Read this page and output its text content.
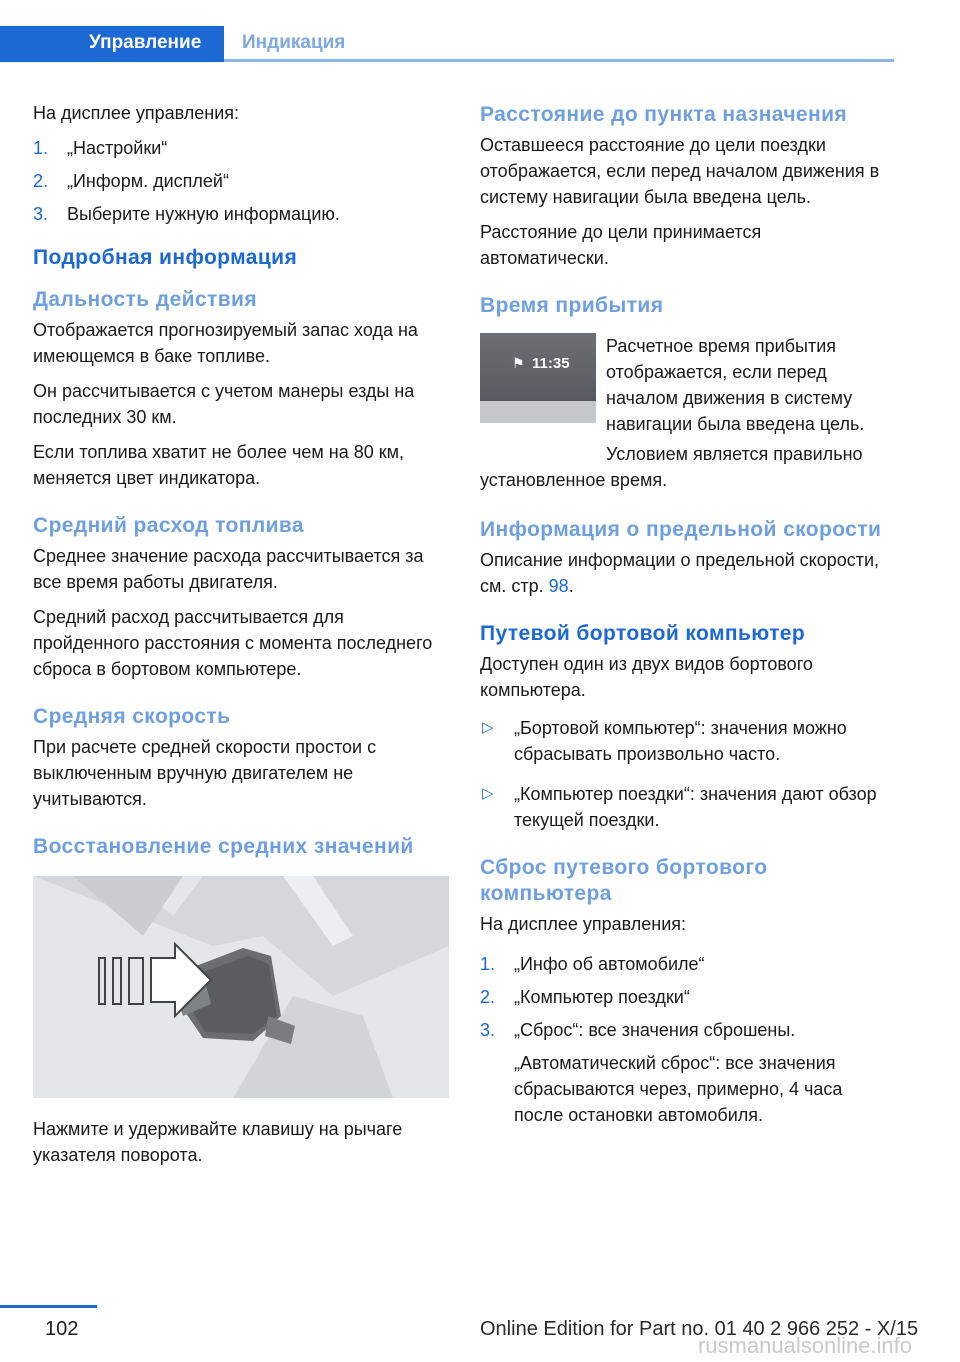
Управление	Индикация

На дисплее управления:

1. „Настройки“
2. „Информ. дисплей“
3. Выберите нужную информацию.
Подробная информация
Дальность действия

Отображается прогнозируемый запас хода на имеющемся в баке топливе.

Он рассчитывается с учетом манеры езды на последних 30 км.

Если топлива хватит не более чем на 80 км, меняется цвет индикатора.

Средний расход топлива

Среднее значение расхода рассчитывается за все время работы двигателя.

Средний расход рассчитывается для пройденного расстояния с момента последнего сброса в бортовом компьютере.

Средняя скорость

При расчете средней скорости простои с выключенным вручную двигателем не учитываются.

Восстановление средних значений

Нажмите и удерживайте клавишу на рычаге указателя поворота.

Расстояние до пункта назначения

Оставшееся расстояние до цели поездки отображается, если перед началом движения в систему навигации была введена цель.

Расстояние до цели принимается автоматически.

Время прибытия
⚑ 11:35

Расчетное время прибытия отображается, если перед началом движения в систему навигации была введена цель.

Условием является правильно установленное время.

Информация о предельной скорости

Описание информации о предельной скорости, см. стр. 98.

Путевой бортовой компьютер

Доступен один из двух видов бортового компьютера.

▷ „Бортовой компьютер“: значения можно сбрасывать произвольно часто.
▷ „Компьютер поездки“: значения дают обзор текущей поездки.
Сброс путевого бортового компьютера

На дисплее управления:

1. „Инфо об автомобиле“
2. „Компьютер поездки“
3. „Сброс“: все значения сброшены.

„Автоматический сброс“: все значения сбрасываются через, примерно, 4 часа после остановки автомобиля.

102	Online Edition for Part no. 01 40 2 966 252 - X/15
rusmanualsonline.info
